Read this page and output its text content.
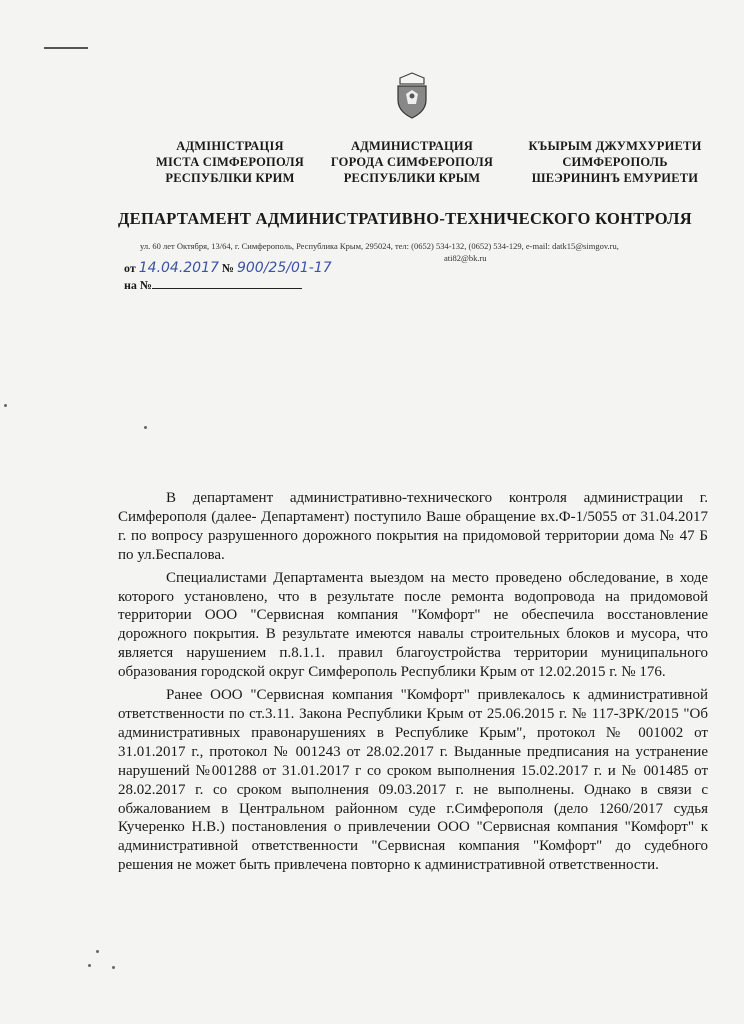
АДМІНІСТРАЦІЯ
МІСТА СІМФЕРОПОЛЯ
РЕСПУБЛІКИ КРИМ
АДМИНИСТРАЦИЯ
ГОРОДА СИМФЕРОПОЛЯ
РЕСПУБЛИКИ КРЫМ
КЪЫРЫМ ДЖУМХУРИЕТИ
СИМФЕРОПОЛЬ
ШЕЭРИНИНЪ ЕМУРИЕТИ
ДЕПАРТАМЕНТ АДМИНИСТРАТИВНО-ТЕХНИЧЕСКОГО КОНТРОЛЯ
ул. 60 лет Октября, 13/64, г. Симферополь, Республика Крым, 295024, тел: (0652) 534-132, (0652) 534-129, e-mail: datk15@simgov.ru,
ati82@bk.ru
от 14.04.2017 № 900/25/01-17
на №

В департамент административно-технического контроля администрации г. Симферополя (далее- Департамент) поступило Ваше обращение вх.Ф-1/5055 от 31.04.2017 г. по вопросу разрушенного дорожного покрытия на придомовой территории дома № 47 Б по ул.Беспалова.

Специалистами Департамента выездом на место проведено обследование, в ходе которого установлено, что в результате после ремонта водопровода на придомовой территории ООО "Сервисная компания "Комфорт" не обеспечила восстановление дорожного покрытия. В результате имеются навалы строительных блоков и мусора, что является нарушением п.8.1.1. правил благоустройства территории муниципального образования городской округ Симферополь Республики Крым от 12.02.2015 г. № 176.

Ранее ООО "Сервисная компания "Комфорт" привлекалось к административной ответственности по ст.3.11. Закона Республики Крым от 25.06.2015 г. № 117-ЗРК/2015 "Об административных правонарушениях в Республике Крым", протокол № 001002 от 31.01.2017 г., протокол № 001243 от 28.02.2017 г. Выданные предписания на устранение нарушений №001288 от 31.01.2017 г со сроком выполнения 15.02.2017 г. и № 001485 от 28.02.2017 г. со сроком выполнения 09.03.2017 г. не выполнены. Однако в связи с обжалованием в Центральном районном суде г.Симферополя (дело 1260/2017 судья Кучеренко Н.В.) постановления о привлечении ООО "Сервисная компания "Комфорт" к административной ответственности "Сервисная компания "Комфорт" до судебного решения не может быть привлечена повторно к административной ответственности.
